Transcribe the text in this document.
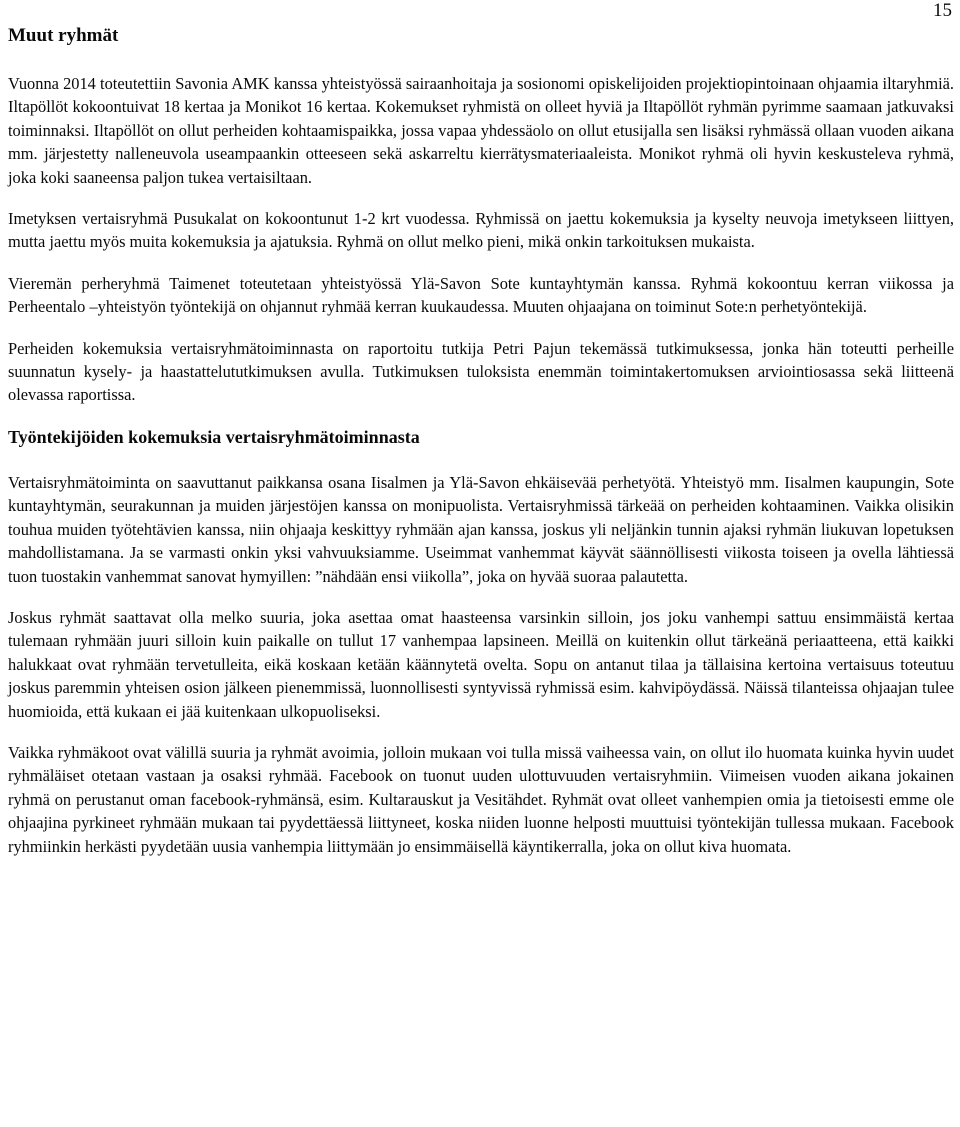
15
Muut ryhmät

Vuonna 2014 toteutettiin Savonia AMK kanssa yhteistyössä sairaanhoitaja ja sosionomi opiskelijoiden projektiopintoinaan ohjaamia iltaryhmiä. Iltapöllöt kokoontuivat 18 kertaa ja Monikot 16 kertaa. Kokemukset ryhmistä on olleet hyviä ja Iltapöllöt ryhmän pyrimme saamaan jatkuvaksi toiminnaksi. Iltapöllöt on ollut perheiden kohtaamispaikka, jossa vapaa yhdessäolo on ollut etusijalla sen lisäksi ryhmässä ollaan vuoden aikana mm. järjestetty nalleneuvola useampaankin otteeseen sekä askarreltu kierrätysmateriaaleista. Monikot ryhmä oli hyvin keskusteleva ryhmä, joka koki saaneensa paljon tukea vertaisiltaan.

Imetyksen vertaisryhmä Pusukalat on kokoontunut 1-2 krt vuodessa. Ryhmissä on jaettu kokemuksia ja kyselty neuvoja imetykseen liittyen, mutta jaettu myös muita kokemuksia ja ajatuksia. Ryhmä on ollut melko pieni, mikä onkin tarkoituksen mukaista.

Vieremän perheryhmä Taimenet toteutetaan yhteistyössä Ylä-Savon Sote kuntayhtymän kanssa. Ryhmä kokoontuu kerran viikossa ja Perheentalo –yhteistyön työntekijä on ohjannut ryhmää kerran kuukaudessa. Muuten ohjaajana on toiminut Sote:n perhetyöntekijä.

Perheiden kokemuksia vertaisryhmätoiminnasta on raportoitu tutkija Petri Pajun tekemässä tutkimuksessa, jonka hän toteutti perheille suunnatun kysely- ja haastattelututkimuksen avulla. Tutkimuksen tuloksista enemmän toimintakertomuksen arviointiosassa sekä liitteenä olevassa raportissa.

Työntekijöiden kokemuksia vertaisryhmätoiminnasta

Vertaisryhmätoiminta on saavuttanut paikkansa osana Iisalmen ja Ylä-Savon ehkäisevää perhetyötä. Yhteistyö mm. Iisalmen kaupungin, Sote kuntayhtymän, seurakunnan ja muiden järjestöjen kanssa on monipuolista. Vertaisryhmissä tärkeää on perheiden kohtaaminen. Vaikka olisikin touhua muiden työtehtävien kanssa, niin ohjaaja keskittyy ryhmään ajan kanssa, joskus yli neljänkin tunnin ajaksi ryhmän liukuvan lopetuksen mahdollistamana. Ja se varmasti onkin yksi vahvuuksiamme. Useimmat vanhemmat käyvät säännöllisesti viikosta toiseen ja ovella lähtiessä tuon tuostakin vanhemmat sanovat hymyillen: ”nähdään ensi viikolla”, joka on hyvää suoraa palautetta.

Joskus ryhmät saattavat olla melko suuria, joka asettaa omat haasteensa varsinkin silloin, jos joku vanhempi sattuu ensimmäistä kertaa tulemaan ryhmään juuri silloin kuin paikalle on tullut 17 vanhempaa lapsineen. Meillä on kuitenkin ollut tärkeänä periaatteena, että kaikki halukkaat ovat ryhmään tervetulleita, eikä koskaan ketään käännytetä ovelta. Sopu on antanut tilaa ja tällaisina kertoina vertaisuus toteutuu joskus paremmin yhteisen osion jälkeen pienemmissä, luonnollisesti syntyvissä ryhmissä esim. kahvipöydässä. Näissä tilanteissa ohjaajan tulee huomioida, että kukaan ei jää kuitenkaan ulkopuoliseksi.

Vaikka ryhmäkoot ovat välillä suuria ja ryhmät avoimia, jolloin mukaan voi tulla missä vaiheessa vain, on ollut ilo huomata kuinka hyvin uudet ryhmäläiset otetaan vastaan ja osaksi ryhmää. Facebook on tuonut uuden ulottuvuuden vertaisryhmiin. Viimeisen vuoden aikana jokainen ryhmä on perustanut oman facebook-ryhmänsä, esim. Kultarauskut ja Vesitähdet. Ryhmät ovat olleet vanhempien omia ja tietoisesti emme ole ohjaajina pyrkineet ryhmään mukaan tai pyydettäessä liittyneet, koska niiden luonne helposti muuttuisi työntekijän tullessa mukaan. Facebook ryhmiinkin herkästi pyydetään uusia vanhempia liittymään jo ensimmäisellä käyntikerralla, joka on ollut kiva huomata.
